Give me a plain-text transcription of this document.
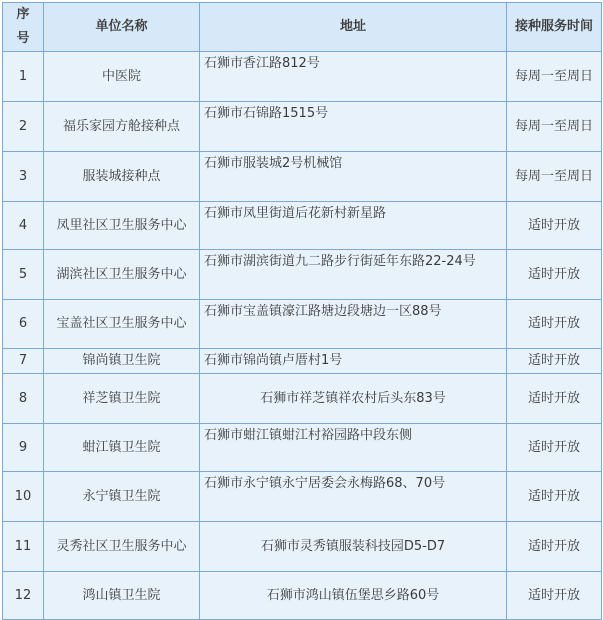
序号	单位名称	地址	接种服务时间
1	中医院	石狮市香江路812号	每周一至周日
2	福乐家园方舱接种点	石狮市石锦路1515号	每周一至周日
3	服装城接种点	石狮市服装城2号机械馆	每周一至周日
4	凤里社区卫生服务中心	石狮市凤里街道后花新村新星路	适时开放
5	湖滨社区卫生服务中心	石狮市湖滨街道九二路步行街延年东路22-24号	适时开放
6	宝盖社区卫生服务中心	石狮市宝盖镇濠江路塘边段塘边一区88号	适时开放
7	锦尚镇卫生院	石狮市锦尚镇卢厝村1号	适时开放
8	祥芝镇卫生院	石狮市祥芝镇祥农村后头东83号	适时开放
9	蚶江镇卫生院	石狮市蚶江镇蚶江村裕园路中段东侧	适时开放
10	永宁镇卫生院	石狮市永宁镇永宁居委会永梅路68、70号	适时开放
11	灵秀社区卫生服务中心	石狮市灵秀镇服装科技园D5-D7	适时开放
12	鸿山镇卫生院	石狮市鸿山镇伍堡思乡路60号	适时开放
